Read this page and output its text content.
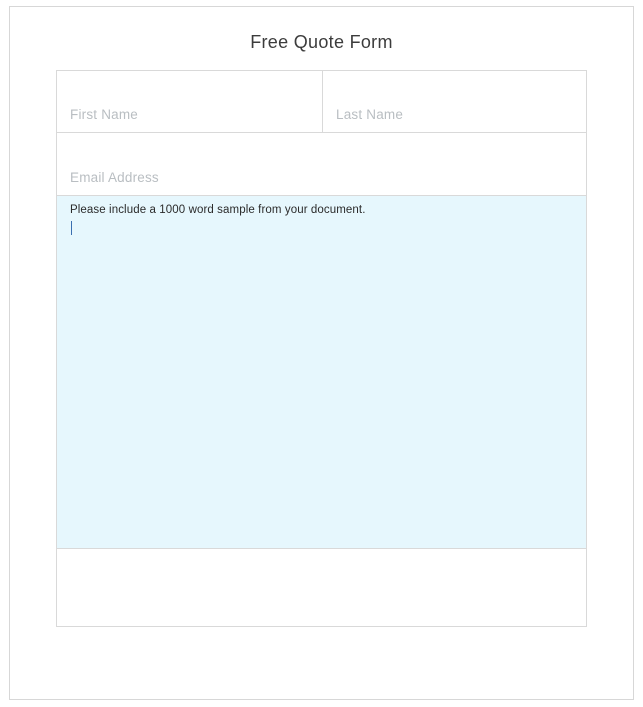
Free Quote Form
First Name	Last Name
Email Address
Please include a 1000 word sample from your document.
